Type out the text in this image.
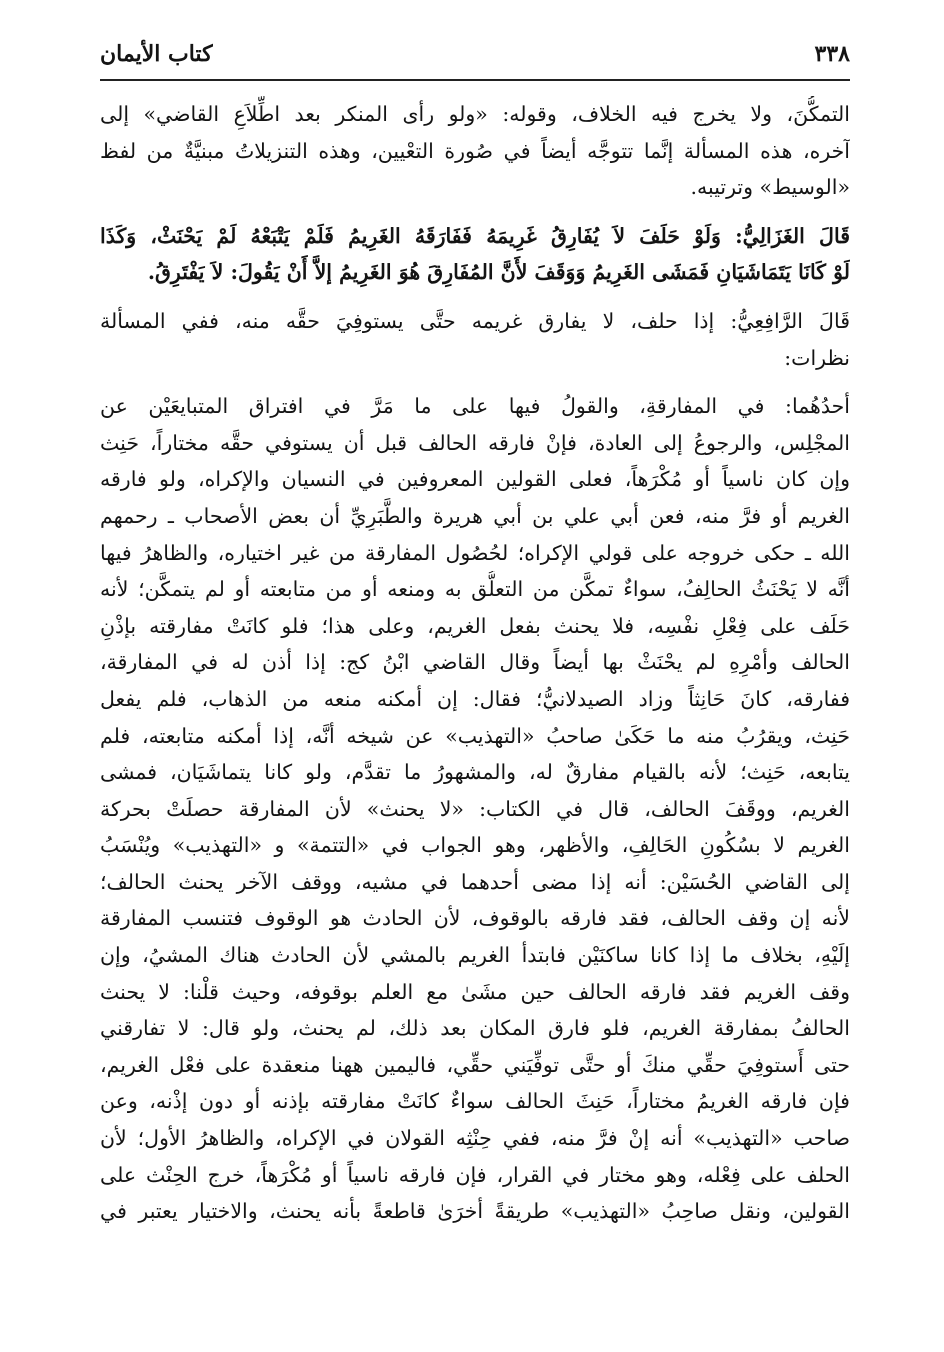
٣٣٨
كتاب الأيمان
التمكُّنَ، ولا يخرج فيه الخلاف، وقوله: «ولو رأى المنكر بعد اطِّلاَعِ القاضي» إلى
آخره، هذه المسألة إنَّما تتوجَّه أيضاً في صُورة التعْيين، وهذه التنزيلاتُ مبنيَّةٌ من لفظ
«الوسيط» وترتيبه.
قَالَ الغَزَالِيُّ: وَلَوْ حَلَفَ لاَ يُفَارِقُ غَرِيمَهُ فَفَارَقَهُ الغَرِيمُ فَلَمْ يَتْبَعْهُ لَمْ يَحْنَثْ، وَكَذَا
لَوْ كَانَا يَتَمَاشَيَانِ فَمَشَى الغَرِيمُ وَوَقَفَ لأَنَّ المُفَارِقَ هُوَ الغَرِيمُ إلاَّ أَنْ يَقُولَ: لاَ يَفْتَرِقُ.
قَالَ الرَّافِعِيُّ: إذا حلف، لا يفارق غريمه حتَّى يستوفِيَ حقَّه منه، ففي المسألة
نظرات:
أحدُهُما: في المفارقةِ، والقولُ فيها على ما مَرَّ في افتراق المتبايعَيْن عن
المجْلِس، والرجوعُ إلى العادة، فإنْ فارقه الحالف قبل أن يستوفي حقَّه مختاراً، حَنِث
وإن كان ناسياً أو مُكْرَهاً، فعلى القولين المعروفين في النسيان والإكراه، ولو فارقه
الغريم أو فرَّ منه، فعن أبي علي بن أبي هريرة والطَّبَرِيِّ أن بعض الأصحاب ـ رحمهم
الله ـ حكى خروجه على قولي الإكراه؛ لحُصُول المفارقة من غير اختياره، والظاهرُ فيها
أنَّه لا يَحْنَثُ الحالِفُ، سواءٌ تمكَّن من التعلُّق به ومنعه أو من متابعته أو لم يتمكَّن؛ لأنه
حَلَف على فِعْلِ نفْسِه، فلا يحنث بفعل الغريم، وعلى هذا؛ فلو كانَتْ مفارقته بإذْنِ
الحالف وأمْرِهِ لم يحْنَثْ بها أيضاً وقال القاضي ابْنُ كج: إذا أذن له في المفارقة،
ففارقه، كانَ حَانِثاً وزاد الصيدلانيُّ؛ فقال: إن أمكنه منعه من الذهاب، فلم يفعل
حَنِث، ويقرُبُ منه ما حَكَىٰ صاحبُ «التهذيب» عن شيخه أنَّه، إذا أمكنه متابعته، فلم
يتابعه، حَنِث؛ لأنه بالقيام مفارقٌ له، والمشهورُ ما تقدَّم، ولو كانا يتماشَيَان، فمشى
الغريم، ووقَفَ الحالف، قال في الكتاب: «لا يحنث» لأن المفارقة حصلَتْ بحركة
الغريم لا بسُكُونِ الحَالِفِ، والأظهر، وهو الجواب في «التتمة» و «التهذيب» ويُنْسَبُ
إلى القاضي الحُسَيْن: أنه إذا مضى أحدهما في مشيه، ووقف الآخر يحنث الحالف؛
لأنه إن وقف الحالف، فقد فارقه بالوقوف، لأن الحادث هو الوقوف فتنسب المفارقة
إلَيْهِ، بخلاف ما إذا كانا ساكنَيْن فابتدأ الغريم بالمشي لأن الحادث هناك المشيُ، وإن
وقف الغريم فقد فارقه الحالف حين مشَىٰ مع العلم بوقوفه، وحيث قلْنا: لا يحنث
الحالفُ بمفارقة الغريم، فلو فارق المكان بعد ذلك، لم يحنث، ولو قال: لا تفارقني
حتى أَستوفِيَ حقِّي منكَ أو حتَّى توفِّيَني حقِّي، فاليمين ههنا منعقدة على فعْل الغريم،
فإن فارقه الغريمُ مختاراً، حَنِثَ الحالف سواءٌ كانَتْ مفارقته بإذنه أو دون إذْنه، وعن
صاحب «التهذيب» أنه إنْ فرَّ منه، ففي حِنْثِه القولان في الإكراه، والظاهرُ الأول؛ لأن
الحلف على فِعْله، وهو مختار في القرار، فإن فارقه ناسياً أو مُكْرَهاً، خرج الحِنْث على
القولين، ونقل صاحِبُ «التهذيب» طريقةً أخرَىٰ قاطعةً بأنه يحنث، والاختيار يعتبر في
